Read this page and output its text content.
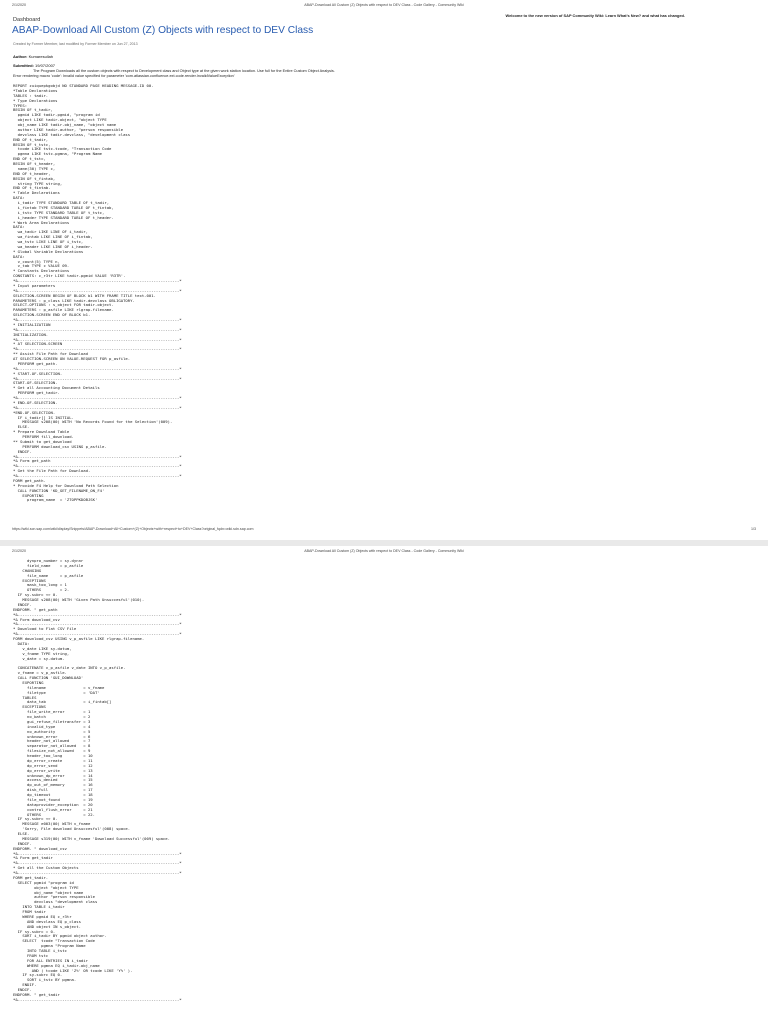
2/1/2020	ABAP-Download All Custom (Z) Objects with respect to DEV Class - Code Gallery - Community Wiki
Dashboard
Welcome to the new version of SAP Community Wiki: Learn What's New? and what has changed.
ABAP-Download All Custom (Z) Objects with respect to DEV Class
Created by Former Member, last modified by Former Member on Jun 27, 2013
Author: Kumaresullah
Submitted: 19/07/2007
The Program Downloads all the custom objects with respect to Development class and Object type at the given work station location. Use full for the Entire Custom Object Analysis.
Error rendering macro 'code': Invalid value specified for parameter 'com.atlassian.confluence.ext.code.render.InvalidValueException'
REPORT zuiquepkgobjd NO STANDARD PAGE HEADING MESSAGE-ID 00.
*Table Declarations
TABLES : tadir.
* Type Declarations
TYPES:
BEGIN OF t_tadir,
pgmid LIKE tadir-pgmid, "program id
object LIKE tadir-object, "object TYPE
obj_name LIKE tadir-obj_name, "object name
author LIKE tadir-author, "person responsible
devclass LIKE tadir-devclass, "development class
END OF t_tadir,
BEGIN OF t_tstc,
tcode LIKE tstc-tcode, "Transaction Code
pgmna LIKE tstc-pgmna, "Program Name
END OF t_tstc,
BEGIN OF t_header,
name(30) TYPE c,
END OF t_header,
BEGIN OF t_fintab,
string TYPE string,
END OF t_fintab.
* Table Declarations
DATA:
i_tadir TYPE STANDARD TABLE OF t_tadir,
i_fintab TYPE STANDARD TABLE OF t_fintab,
i_tstc TYPE STANDARD TABLE OF t_tstc,
i_header TYPE STANDARD TABLE OF t_header.
* Work Area Declarations
DATA:
wa_tadir LIKE LINE OF i_tadir,
wa_fintab LIKE LINE OF i_fintab,
wa_tstc LIKE LINE OF i_tstc,
wa_header LIKE LINE OF i_header.
* Global Variable Declarations
DATA:
v_count(5) TYPE n,
v_tab TYPE c VALUE 09.
* Constants Declarations
CONSTANTS: c_r3tr LIKE tadir-pgmid VALUE 'R3TR'.
*&---------------------------------------------------------------------*
* Input parameters
*&---------------------------------------------------------------------*
SELECTION-SCREEN BEGIN OF BLOCK b1 WITH FRAME TITLE text-001.
PARAMETERS : p_class LIKE tadir-devclass OBLIGATORY.
SELECT-OPTIONS : s_object FOR tadir-object.
PARAMETERS : p_asfile LIKE rlgrap-filename.
SELECTION-SCREEN END OF BLOCK b1.
*&---------------------------------------------------------------------*
* INITIALIZATION
*&---------------------------------------------------------------------*
INITIALIZATION.
*&---------------------------------------------------------------------*
* AT SELECTION-SCREEN
*&---------------------------------------------------------------------*
** Assist File Path for Download
AT SELECTION-SCREEN ON VALUE-REQUEST FOR p_asfile.
PERFORM get_path.
*&---------------------------------------------------------------------*
* START-OF-SELECTION.
*&---------------------------------------------------------------------*
START-OF-SELECTION.
* Get all Accounting Document Details
PERFORM get_tadir.
*&---------------------------------------------------------------------*
* END-OF-SELECTION.
*&---------------------------------------------------------------------*
*END-OF-SELECTION.
IF i_tadir[] IS INITIAL.
MESSAGE s208(00) WITH 'No Records Found for the Selection'(009).
ELSE.
* Prepare Download Table
PERFORM fill_download.
** Submit to get_download
PERFORM download_csv USING p_asfile.
ENDIF.
*&---------------------------------------------------------------------*
*& Form get_path
*&---------------------------------------------------------------------*
* Get the File Path for Download.
*&---------------------------------------------------------------------*
FORM get_path.
* Provide F4 Help for Download Path Selection
CALL FUNCTION 'KD_GET_FILENAME_ON_F4'
EXPORTING
program_name  = 'ZTOPPKDOBJSK'
https://wiki.scn.sap.com/wiki/display/Snippets/ABAP-Download+All+Custom+(Z)+Objects+with+respect+to+DEV+Class?original_fqdn=wiki.sdn.sap.com	1/3
2/1/2020	ABAP-Download All Custom (Z) Objects with respect to DEV Class - Code Gallery - Community Wiki
dynpro_number = sy-dynnr
field_name    = p_asfile
CHANGING
file_name     = p_asfile
EXCEPTIONS
mask_too_long = 1
OTHERS        = 2.
IF sy-subrc <> 0.
MESSAGE s208(00) WITH 'Given Path Unsuccesful'(010).
ENDIF.
ENDFORM. " get_path
*&---------------------------------------------------------------------*
*& Form download_csv
*&---------------------------------------------------------------------*
* Download to Flat CSV File
*&---------------------------------------------------------------------*
FORM download_csv USING v_p_asfile LIKE rlgrap-filename.
DATA:
v_date LIKE sy-datum,
v_fname TYPE string,
v_date = sy-datum.

CONCATENATE v_p_asfile v_date INTO v_p_asfile.
v_fname = v_p_asfile.
CALL FUNCTION 'GUI_DOWNLOAD'
EXPORTING
filename                = v_fname
filetype                = 'DAT'
TABLES
data_tab                = i_fintab[]
EXCEPTIONS
file_write_error        = 1
no_batch                = 2
gui_refuse_filetransfer = 3
invalid_type            = 4
no_authority            = 5
unknown_error           = 6
header_not_allowed      = 7
separator_not_allowed   = 8
filesize_not_allowed    = 9
header_too_long         = 10
dp_error_create         = 11
dp_error_send           = 12
dp_error_write          = 13
unknown_dp_error        = 14
access_denied           = 15
dp_out_of_memory        = 16
disk_full               = 17
dp_timeout              = 18
file_not_found          = 19
dataprovider_exception  = 20
control_flush_error     = 21
OTHERS                  = 22.
IF sy-subrc <> 0.
MESSAGE e003(00) WITH v_fname
'Sorry, File download Unsuccesful'(008) space.
ELSE.
MESSAGE s319(00) WITH v_fname 'Download Successful'(009) space.
ENDIF.
ENDFORM. " download_csv
*&---------------------------------------------------------------------*
*& Form get_tadir
*&---------------------------------------------------------------------*
* Get all the Custom Objects
*&---------------------------------------------------------------------*
FORM get_tadir.
SELECT pgmid "program id
object "object TYPE
obj_name "object name
author "person responsible
devclass "development class
INTO TABLE i_tadir
FROM tadir
WHERE pgmid EQ c_r3tr
AND devclass EQ p_class
AND object IN s_object.
IF sy-subrc = 0.
SORT i_tadir BY pgmid object author.
SELECT  tcode "Transaction Code
pgmna "Program Name
INTO TABLE i_tstc
FROM tstc
FOR ALL ENTRIES IN i_tadir
WHERE pgmna EQ i_tadir-obj_name
AND ( tcode LIKE 'Z%' OR tcode LIKE 'Y%' ).
IF sy-subrc EQ 0.
SORT i_tstc BY pgmna.
ENDIF.
ENDIF.
ENDFORM. " get_tadir
*&---------------------------------------------------------------------*
